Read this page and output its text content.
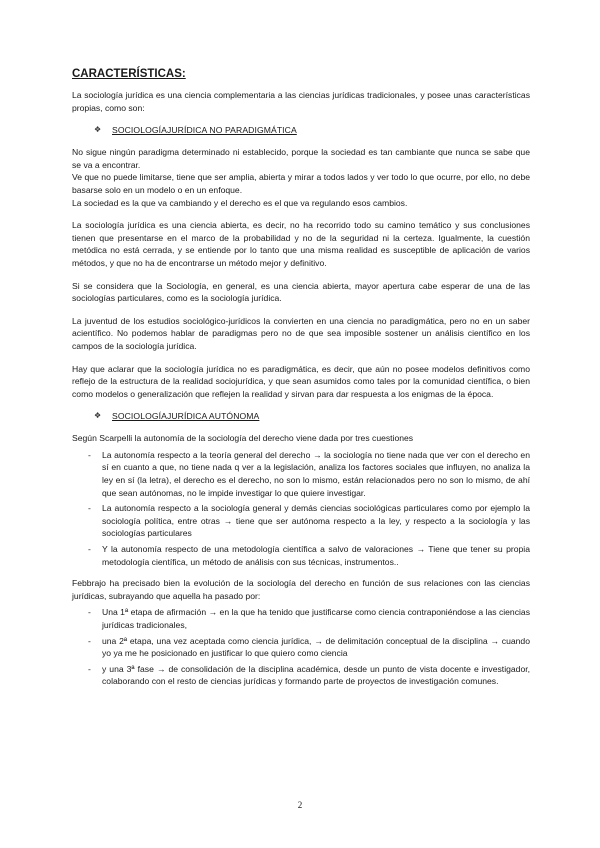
CARACTERÍSTICAS:

La sociología jurídica es una ciencia complementaria a las ciencias jurídicas tradicionales, y posee unas características propias, como son:

❖	SOCIOLOGÍAJURÍDICA NO PARADIGMÁTICA

No sigue ningún paradigma determinado ni establecido, porque la sociedad es tan cambiante que nunca se sabe que se va a encontrar.

Ve que no puede limitarse, tiene que ser amplia, abierta y mirar a todos lados y ver todo lo que ocurre, por ello, no debe basarse solo en un modelo o en un enfoque.

La sociedad es la que va cambiando y el derecho es el que va regulando esos cambios.

La sociología jurídica es una ciencia abierta, es decir, no ha recorrido todo su camino temático y sus conclusiones tienen que presentarse en el marco de la probabilidad y no de la seguridad ni la certeza. Igualmente, la cuestión metódica no está cerrada, y se entiende por lo tanto que una misma realidad es susceptible de aplicación de varios métodos, y que no ha de encontrarse un método mejor y definitivo.

Si se considera que la Sociología, en general, es una ciencia abierta, mayor apertura cabe esperar de una de las sociologías particulares, como es la sociología jurídica.

La juventud de los estudios sociológico-jurídicos la convierten en una ciencia no paradigmática, pero no en un saber acientífico. No podemos hablar de paradigmas pero no de que sea imposible sostener un análisis científico en los campos de la sociología jurídica.

Hay que aclarar que la sociología jurídica no es paradigmática, es decir, que aún no posee modelos definitivos como reflejo de la estructura de la realidad sociojurídica, y que sean asumidos como tales por la comunidad científica, o bien como modelos o generalización que reflejen la realidad y sirvan para dar respuesta a los enigmas de la época.

❖	SOCIOLOGÍAJURÍDICA AUTÓNOMA

Según Scarpelli la autonomía de la sociología del derecho viene dada por tres cuestiones

-	La autonomía respecto a la teoría general del derecho → la sociología no tiene nada que ver con el derecho en sí en cuanto a que, no tiene nada q ver a la legislación, analiza los factores sociales que influyen, no analiza la ley en sí (la letra), el derecho es el derecho, no son lo mismo, están relacionados pero no son lo mismo, de ahí que sean autónomas, no le impide investigar lo que quiere investigar.
-	La autonomía respecto a la sociología general y demás ciencias sociológicas particulares como por ejemplo la sociología política, entre otras → tiene que ser autónoma respecto a la ley, y respecto a la sociología y las sociologías particulares
-	Y la autonomía respecto de una metodología científica a salvo de valoraciones → Tiene que tener su propia metodología científica, un método de análisis con sus técnicas, instrumentos..

Febbrajo ha precisado bien la evolución de la sociología del derecho en función de sus relaciones con las ciencias jurídicas, subrayando que aquella ha pasado por:

-	Una 1ª etapa de afirmación → en la que ha tenido que justificarse como ciencia contraponiéndose a las ciencias jurídicas tradicionales,
-	una 2ª etapa, una vez aceptada como ciencia jurídica, → de delimitación conceptual de la disciplina → cuando yo ya me he posicionado en justificar lo que quiero como ciencia
-	y una 3ª fase → de consolidación de la disciplina académica, desde un punto de vista docente e investigador, colaborando con el resto de ciencias jurídicas y formando parte de proyectos de investigación comunes.
2
